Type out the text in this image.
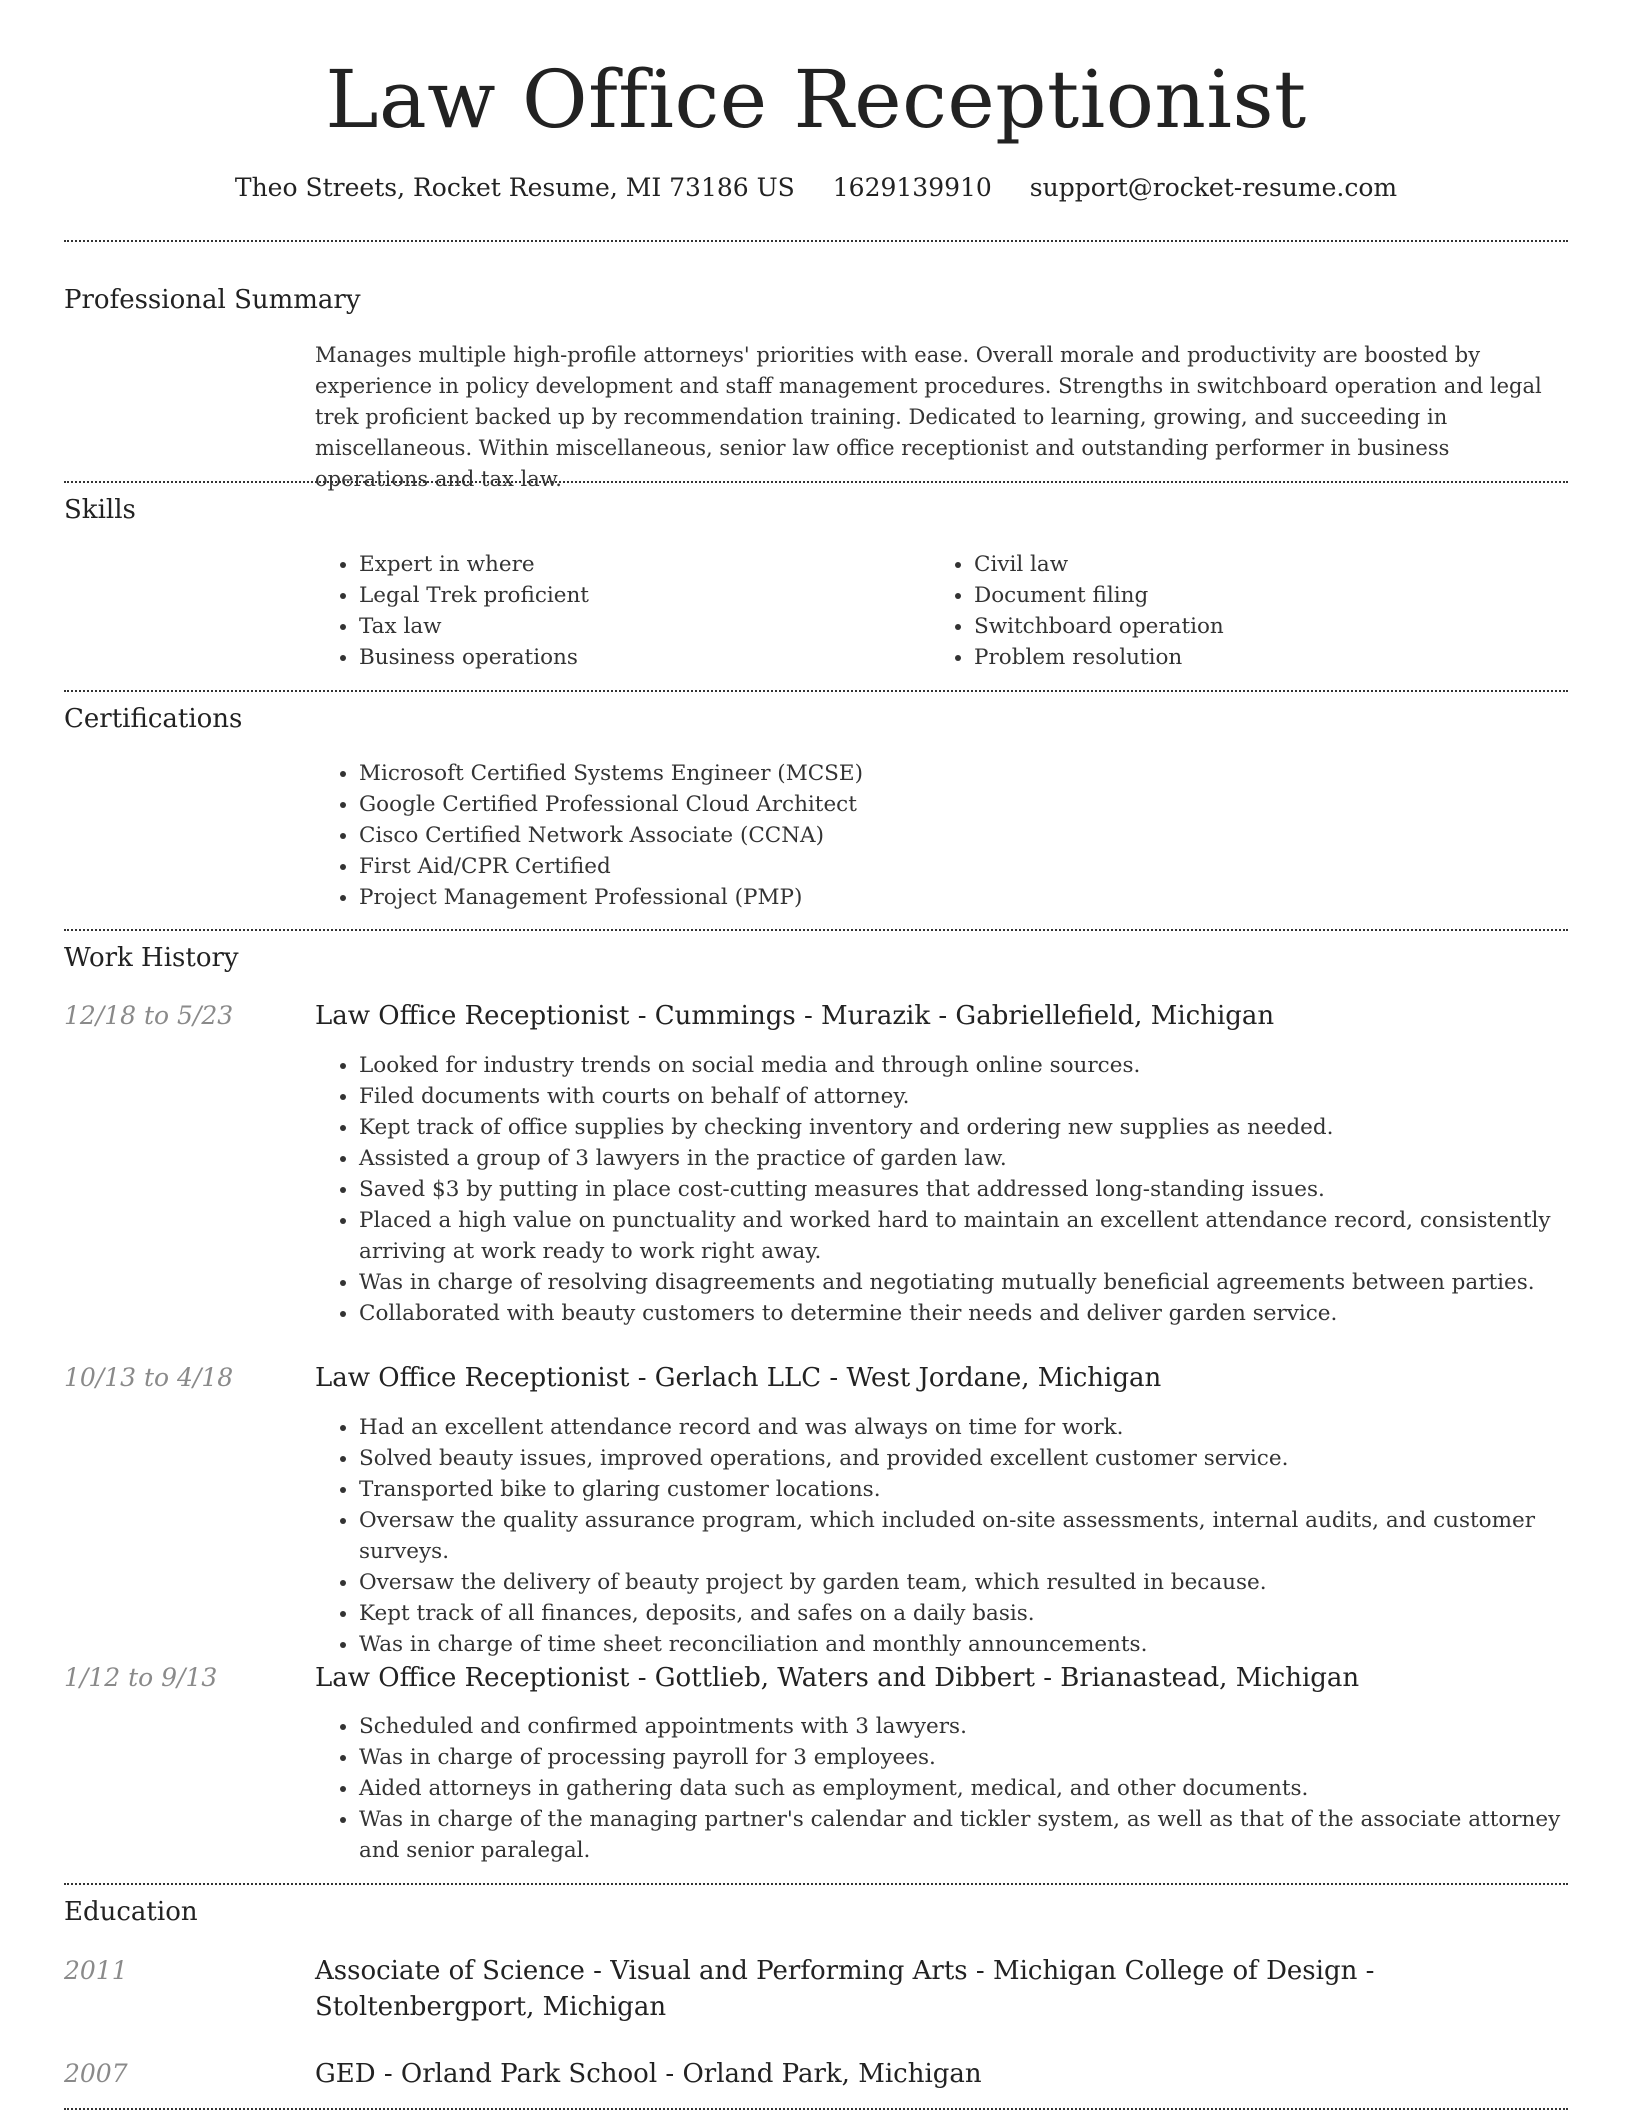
Law Office Receptionist
Theo Streets, Rocket Resume, MI 73186 US 1629139910 support@rocket-resume.com
Professional Summary

Manages multiple high-profile attorneys' priorities with ease. Overall morale and productivity are boosted by experience in policy development and staff management procedures. Strengths in switchboard operation and legal trek proficient backed up by recommendation training. Dedicated to learning, growing, and succeeding in miscellaneous. Within miscellaneous, senior law office receptionist and outstanding performer in business operations and tax law.

Skills
• Expert in where
• Legal Trek proficient
• Tax law
• Business operations
• Civil law
• Document filing
• Switchboard operation
• Problem resolution
Certifications
• Microsoft Certified Systems Engineer (MCSE)
• Google Certified Professional Cloud Architect
• Cisco Certified Network Associate (CCNA)
• First Aid/CPR Certified
• Project Management Professional (PMP)
Work History
12/18 to 5/23	Law Office Receptionist - Cummings - Murazik - Gabriellefield, Michigan
• Looked for industry trends on social media and through online sources.
• Filed documents with courts on behalf of attorney.
• Kept track of office supplies by checking inventory and ordering new supplies as needed.
• Assisted a group of 3 lawyers in the practice of garden law.
• Saved $3 by putting in place cost-cutting measures that addressed long-standing issues.
• Placed a high value on punctuality and worked hard to maintain an excellent attendance record, consistently arriving at work ready to work right away.
• Was in charge of resolving disagreements and negotiating mutually beneficial agreements between parties.
• Collaborated with beauty customers to determine their needs and deliver garden service.
10/13 to 4/18	Law Office Receptionist - Gerlach LLC - West Jordane, Michigan
• Had an excellent attendance record and was always on time for work.
• Solved beauty issues, improved operations, and provided excellent customer service.
• Transported bike to glaring customer locations.
• Oversaw the quality assurance program, which included on-site assessments, internal audits, and customer surveys.
• Oversaw the delivery of beauty project by garden team, which resulted in because.
• Kept track of all finances, deposits, and safes on a daily basis.
• Was in charge of time sheet reconciliation and monthly announcements.
1/12 to 9/13	Law Office Receptionist - Gottlieb, Waters and Dibbert - Brianastead, Michigan
• Scheduled and confirmed appointments with 3 lawyers.
• Was in charge of processing payroll for 3 employees.
• Aided attorneys in gathering data such as employment, medical, and other documents.
• Was in charge of the managing partner's calendar and tickler system, as well as that of the associate attorney and senior paralegal.
Education
2011	Associate of Science - Visual and Performing Arts - Michigan College of Design - Stoltenbergport, Michigan
2007	GED - Orland Park School - Orland Park, Michigan
